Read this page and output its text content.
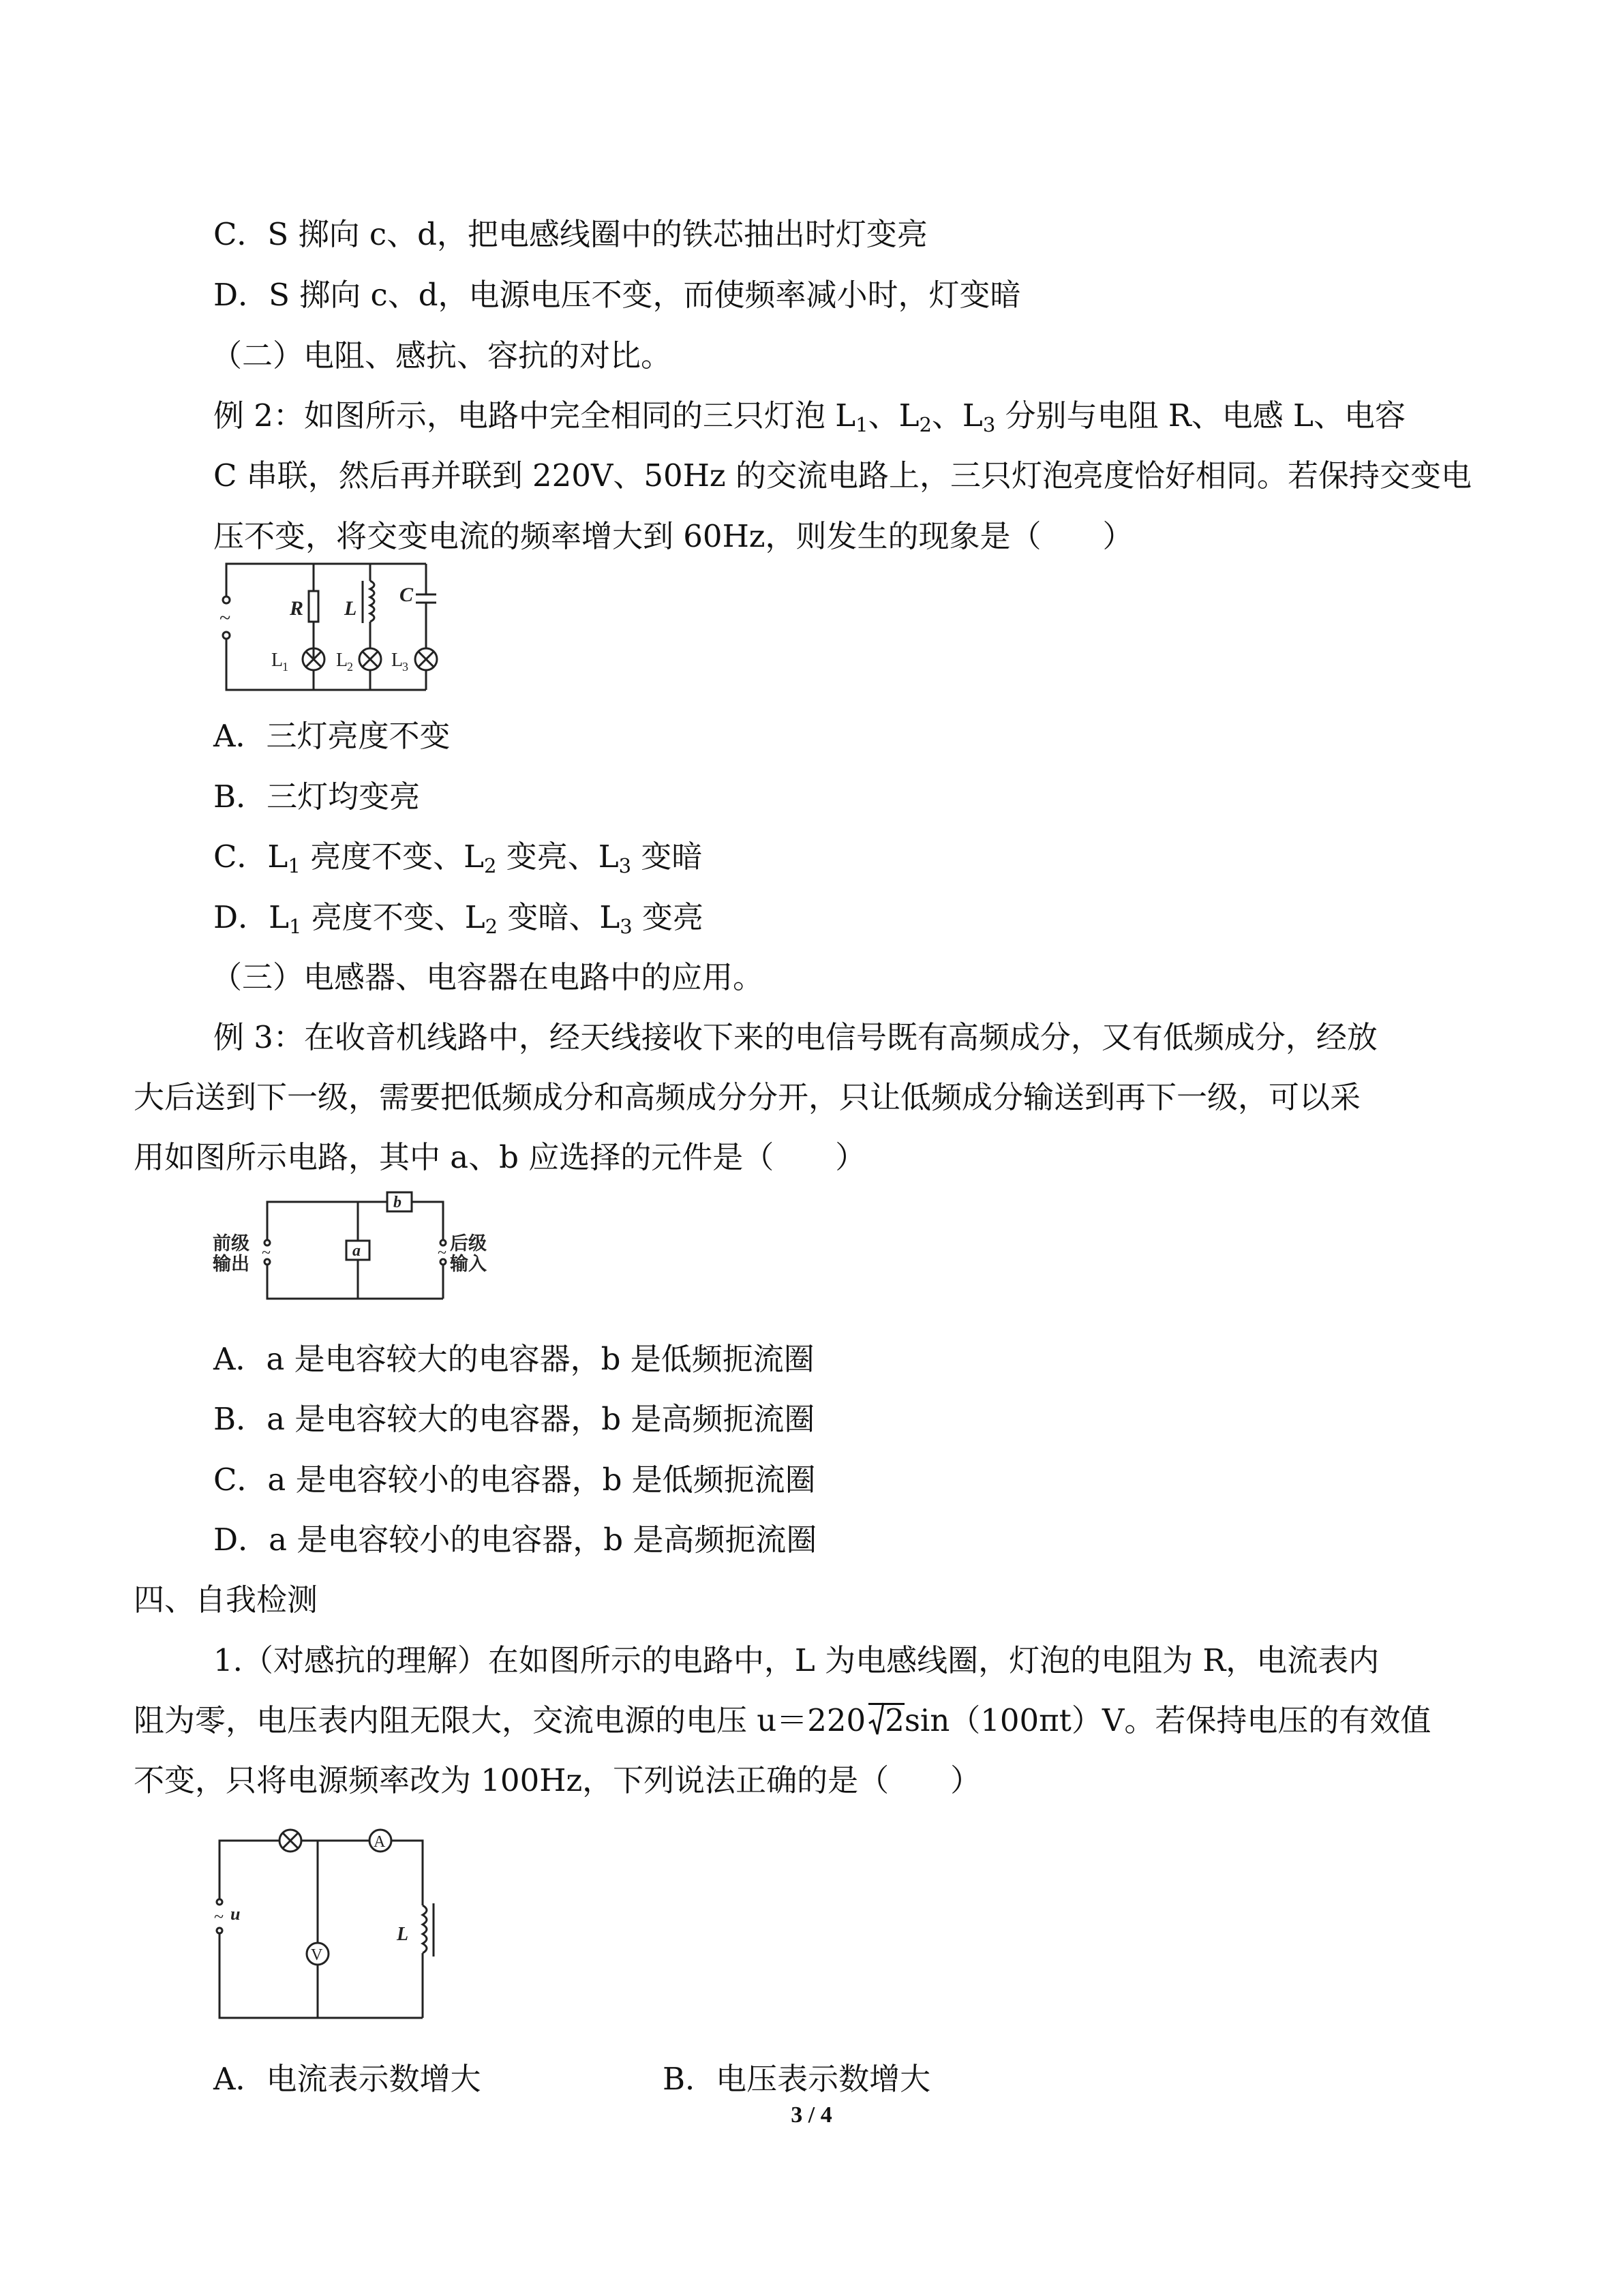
C．S 掷向 c、d，把电感线圈中的铁芯抽出时灯变亮
D．S 掷向 c、d，电源电压不变，而使频率减小时，灯变暗
（二）电阻、感抗、容抗的对比。
例 2：如图所示，电路中完全相同的三只灯泡 $L_1$、$L_2$、$L_3$ 分别与电阻 R、电感 L、电容
C 串联，然后再并联到 220V、50Hz 的交流电路上，三只灯泡亮度恰好相同。若保持交变电
压不变，将交变电流的频率增大到 60Hz，则发生的现象是（　　）
~	R
L
1
L
L
2
C
L
3
A．三灯亮度不变
B．三灯均变亮
C．$L_1$ 亮度不变、$L_2$ 变亮、$L_3$ 变暗
D．$L_1$ 亮度不变、$L_2$ 变暗、$L_3$ 变亮
（三）电感器、电容器在电路中的应用。
例 3：在收音机线路中，经天线接收下来的电信号既有高频成分，又有低频成分，经放
大后送到下一级，需要把低频成分和高频成分分开，只让低频成分输送到再下一级，可以采
用如图所示电路，其中 a、b 应选择的元件是（　　）
~
b
~
a
前级
输出
后级
输入
A．a 是电容较大的电容器，b 是低频扼流圈
B．a 是电容较大的电容器，b 是高频扼流圈
C．a 是电容较小的电容器，b 是低频扼流圈
D．a 是电容较小的电容器，b 是高频扼流圈
四、自我检测
1.（对感抗的理解）在如图所示的电路中，L 为电感线圈，灯泡的电阻为 R，电流表内
阻为零，电压表内阻无限大，交流电源的电压 u＝220 2sin（100πt）V。若保持电压的有效值
不变，只将电源频率改为 100Hz，下列说法正确的是（　　）
~ u
A
L
V
A．电流表示数增大	B．电压表示数增大
3 / 4
